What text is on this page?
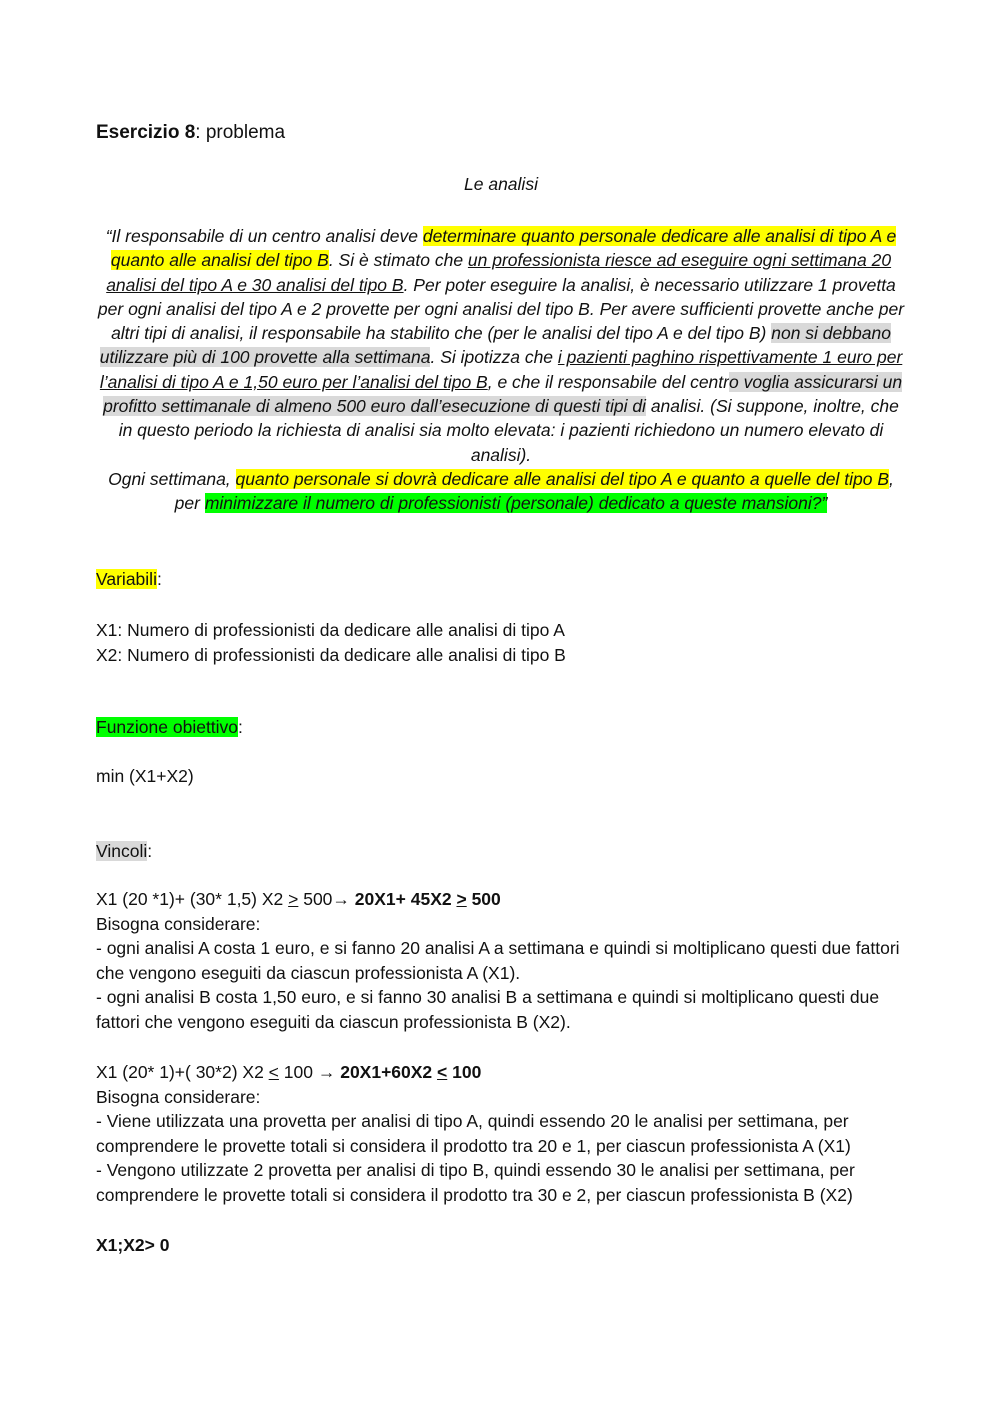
Esercizio 8: problema
Le analisi
“Il responsabile di un centro analisi deve determinare quanto personale dedicare alle analisi di tipo A e quanto alle analisi del tipo B. Si è stimato che un professionista riesce ad eseguire ogni settimana 20 analisi del tipo A e 30 analisi del tipo B. Per poter eseguire la analisi, è necessario utilizzare 1 provetta per ogni analisi del tipo A e 2 provette per ogni analisi del tipo B. Per avere sufficienti provette anche per altri tipi di analisi, il responsabile ha stabilito che (per le analisi del tipo A e del tipo B) non si debbano utilizzare più di 100 provette alla settimana. Si ipotizza che i pazienti paghino rispettivamente 1 euro per l’analisi di tipo A e 1,50 euro per l’analisi del tipo B, e che il responsabile del centro voglia assicurarsi un profitto settimanale di almeno 500 euro dall’esecuzione di questi tipi di analisi. (Si suppone, inoltre, che in questo periodo la richiesta di analisi sia molto elevata: i pazienti richiedono un numero elevato di analisi).
Ogni settimana, quanto personale si dovrà dedicare alle analisi del tipo A e quanto a quelle del tipo B, per minimizzare il numero di professionisti (personale) dedicato a queste mansioni?”
Variabili:
X1: Numero di professionisti da dedicare alle analisi di tipo A
X2: Numero di professionisti da dedicare alle analisi di tipo B
Funzione obiettivo:
min (X1+X2)
Vincoli:
X1 (20 *1)+ (30* 1,5) X2 > 500→ 20X1+ 45X2 > 500
Bisogna considerare:
- ogni analisi A costa 1 euro, e si fanno 20 analisi A a settimana e quindi si moltiplicano questi due fattori che vengono eseguiti da ciascun professionista A (X1).
- ogni analisi B costa 1,50 euro, e si fanno 30 analisi B a settimana e quindi si moltiplicano questi due fattori che vengono eseguiti da ciascun professionista B (X2).
X1 (20* 1)+( 30*2) X2 < 100 → 20X1+60X2 < 100
Bisogna considerare:
- Viene utilizzata una provetta per analisi di tipo A, quindi essendo 20 le analisi per settimana, per comprendere le provette totali si considera il prodotto tra 20 e 1, per ciascun professionista A (X1)
- Vengono utilizzate 2 provetta per analisi di tipo B, quindi essendo 30 le analisi per settimana, per comprendere le provette totali si considera il prodotto tra 30 e 2, per ciascun professionista B (X2)
X1;X2> 0
